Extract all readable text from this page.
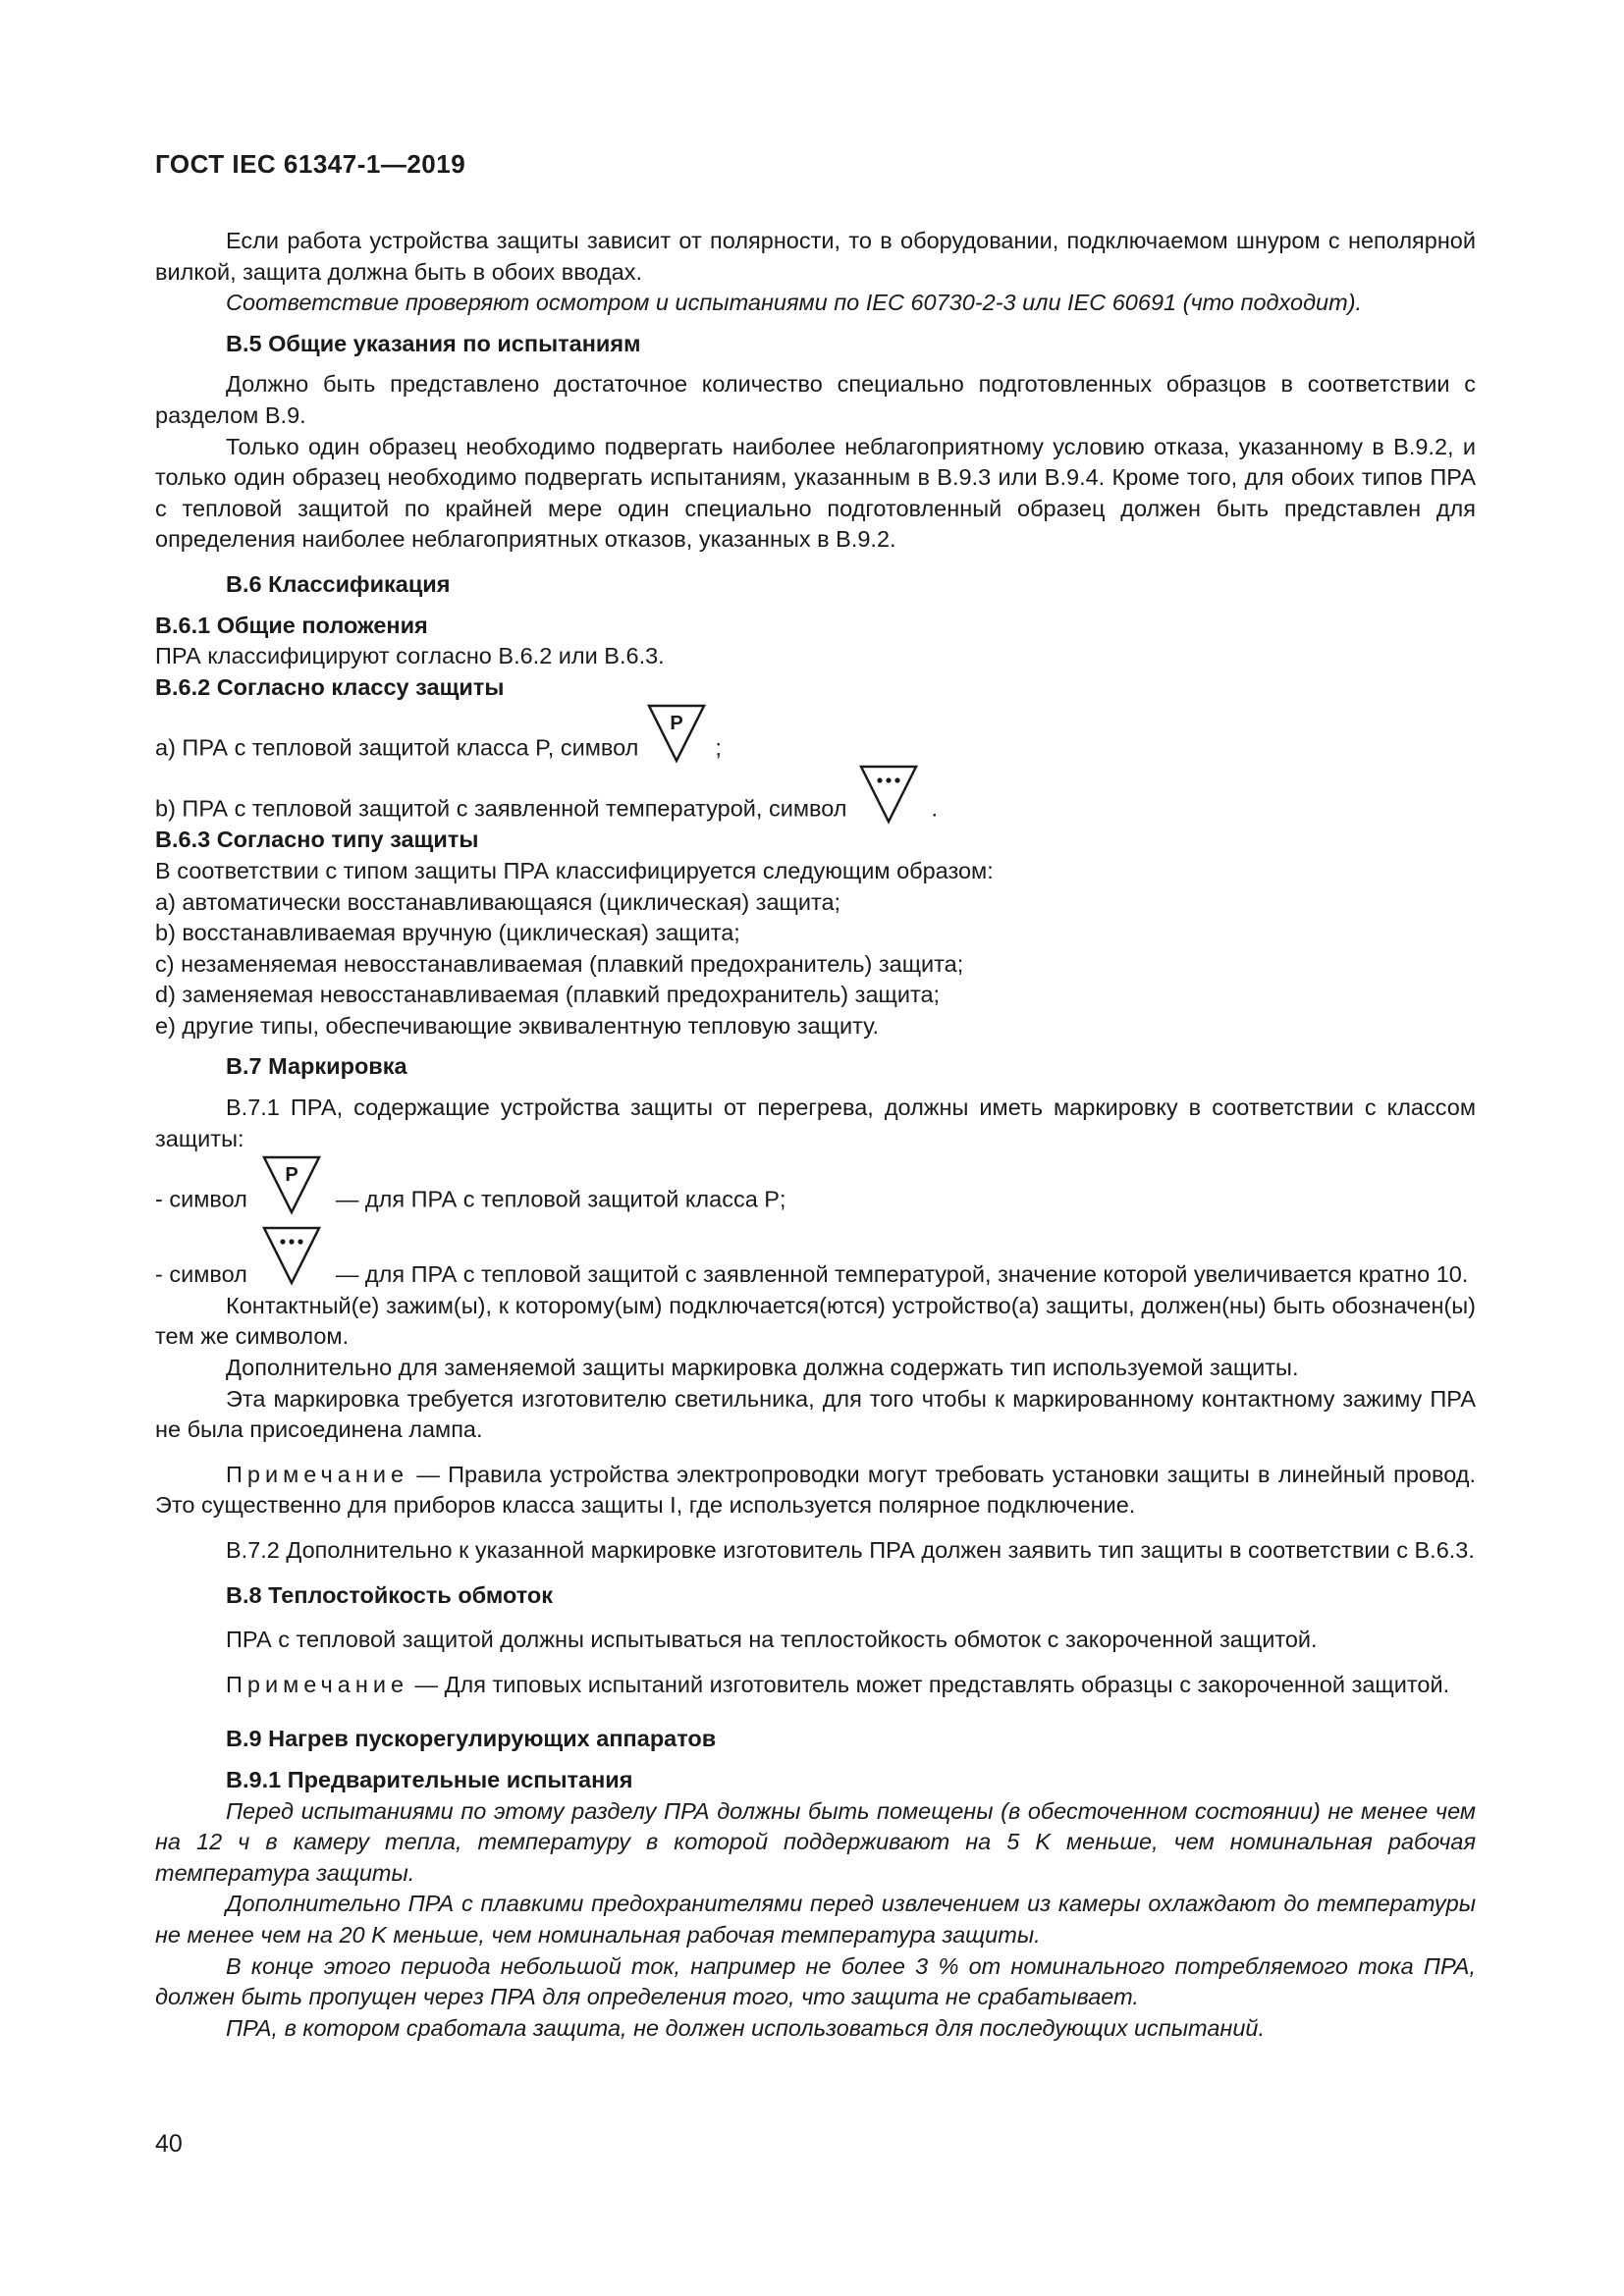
ГОСТ IEC 61347-1—2019

Если работа устройства защиты зависит от полярности, то в оборудовании, подключаемом шнуром с неполярной вилкой, защита должна быть в обоих вводах.

Соответствие проверяют осмотром и испытаниями по IEC 60730-2-3 или IEC 60691 (что подходит).

B.5 Общие указания по испытаниям

Должно быть представлено достаточное количество специально подготовленных образцов в соответствии с разделом B.9.

Только один образец необходимо подвергать наиболее неблагоприятному условию отказа, указанному в B.9.2, и только один образец необходимо подвергать испытаниям, указанным в B.9.3 или B.9.4. Кроме того, для обоих типов ПРА с тепловой защитой по крайней мере один специально подготовленный образец должен быть представлен для определения наиболее неблагоприятных отказов, указанных в B.9.2.

B.6 Классификация

B.6.1 Общие положения

ПРА классифицируют согласно B.6.2 или B.6.3.

B.6.2 Согласно классу защиты

a) ПРА с тепловой защитой класса P, символ
P
;

b) ПРА с тепловой защитой с заявленной температурой, символ	.

B.6.3 Согласно типу защиты

В соответствии с типом защиты ПРА классифицируется следующим образом:

a) автоматически восстанавливающаяся (циклическая) защита;

b) восстанавливаемая вручную (циклическая) защита;

c) незаменяемая невосстанавливаемая (плавкий предохранитель) защита;

d) заменяемая невосстанавливаемая (плавкий предохранитель) защита;

e) другие типы, обеспечивающие эквивалентную тепловую защиту.

B.7 Маркировка

B.7.1 ПРА, содержащие устройства защиты от перегрева, должны иметь маркировку в соответствии с классом защиты:

- символ
P
— для ПРА с тепловой защитой класса P;

- символ	— для ПРА с тепловой защитой с заявленной температурой, значение которой увеличивается кратно 10.

Контактный(е) зажим(ы), к которому(ым) подключается(ются) устройство(а) защиты, должен(ны) быть обозначен(ы) тем же символом.

Дополнительно для заменяемой защиты маркировка должна содержать тип используемой защиты.

Эта маркировка требуется изготовителю светильника, для того чтобы к маркированному контактному зажиму ПРА не была присоединена лампа.

Примечание — Правила устройства электропроводки могут требовать установки защиты в линейный провод. Это существенно для приборов класса защиты I, где используется полярное подключение.

B.7.2 Дополнительно к указанной маркировке изготовитель ПРА должен заявить тип защиты в соответствии с B.6.3.

B.8 Теплостойкость обмоток

ПРА с тепловой защитой должны испытываться на теплостойкость обмоток с закороченной защитой.

Примечание — Для типовых испытаний изготовитель может представлять образцы с закороченной защитой.

B.9 Нагрев пускорегулирующих аппаратов

B.9.1 Предварительные испытания

Перед испытаниями по этому разделу ПРА должны быть помещены (в обесточенном состоянии) не менее чем на 12 ч в камеру тепла, температуру в которой поддерживают на 5 K меньше, чем номинальная рабочая температура защиты.

Дополнительно ПРА с плавкими предохранителями перед извлечением из камеры охлаждают до температуры не менее чем на 20 K меньше, чем номинальная рабочая температура защиты.

В конце этого периода небольшой ток, например не более 3 % от номинального потребляемого тока ПРА, должен быть пропущен через ПРА для определения того, что защита не срабатывает.

ПРА, в котором сработала защита, не должен использоваться для последующих испытаний.

40
